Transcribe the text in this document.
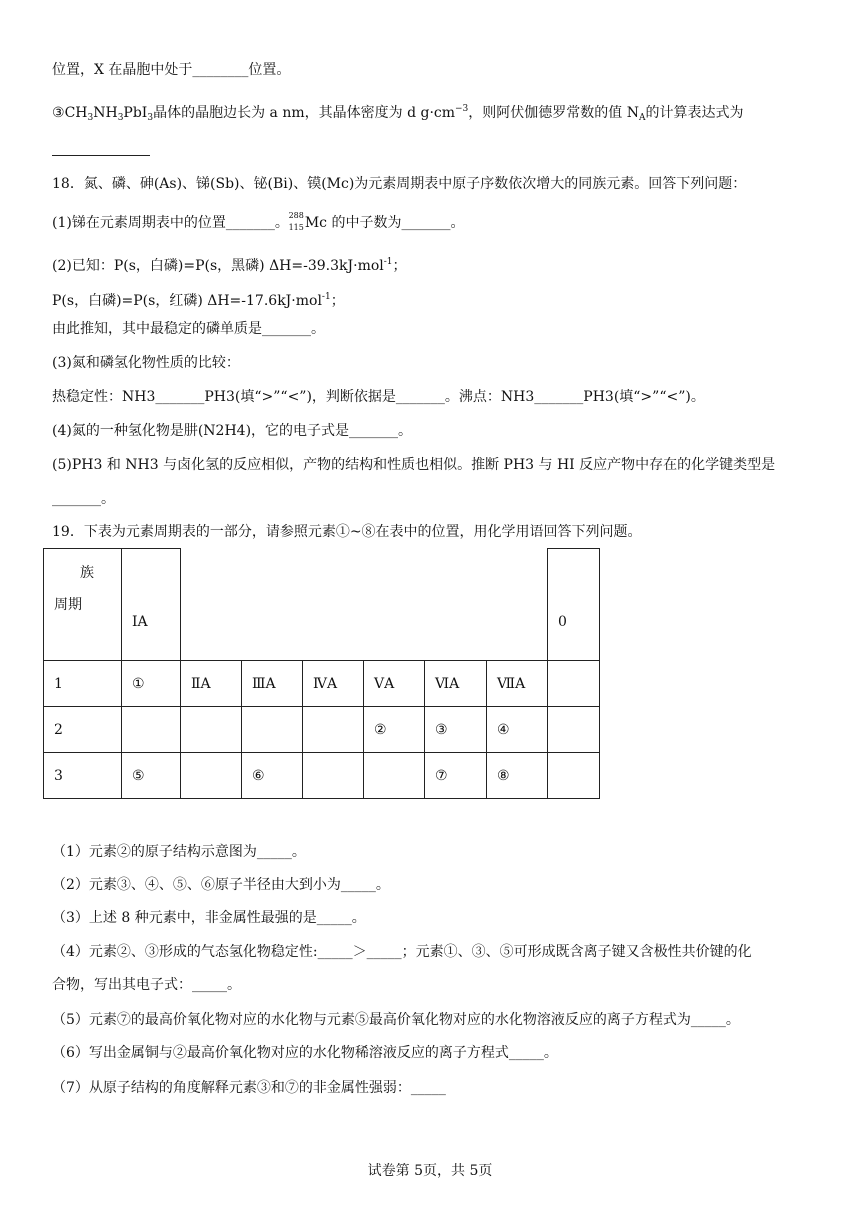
位置，X 在晶胞中处于________位置。
$③CH_3NH_3PbI_3$晶体的晶胞边长为 a nm，其晶体密度为 d $g\cdot cm^{-3}$，则阿伏伽德罗常数的值 $N_A$的计算表达式为
18．氮、磷、砷(As)、锑(Sb)、铋(Bi)、镆(Mc)为元素周期表中原子序数依次增大的同族元素。回答下列问题：
(1)锑在元素周期表中的位置_______。 288
115 Mc 的中子数为_______。
(2)已知：P(s，白磷)=P(s，黑磷) ΔH=-39.3kJ·mol$^{-1}$；
P(s，白磷)=P(s，红磷) ΔH=-17.6kJ·mol$^{-1}$；
由此推知，其中最稳定的磷单质是_______。
(3)氮和磷氢化物性质的比较：
热稳定性：NH3_______PH3(填“>”“<”)，判断依据是_______。沸点：NH3_______PH3(填“>”“<”)。
(4)氮的一种氢化物是肼(N2H4)，它的电子式是_______。
(5)PH3 和 NH3 与卤化氢的反应相似，产物的结构和性质也相似。推断 PH3 与 HI 反应产物中存在的化学键类型是
_______。
19．下表为元素周期表的一部分，请参照元素①~⑧在表中的位置，用化学用语回答下列问题。
族
周期	IA							0
1	①	ⅡA	ⅢA	ⅣA	ⅤA	ⅥA	ⅦA	
2					②	③	④	
3	⑤		⑥			⑦	⑧	
（1）元素②的原子结构示意图为_____。
（2）元素③、④、⑤、⑥原子半径由大到小为_____。
（3）上述 8 种元素中，非金属性最强的是_____。
（4）元素②、③形成的气态氢化物稳定性:_____＞_____；元素①、③、⑤可形成既含离子键又含极性共价键的化
合物，写出其电子式：_____。
（5）元素⑦的最高价氧化物对应的水化物与元素⑤最高价氧化物对应的水化物溶液反应的离子方程式为_____。
（6）写出金属铜与②最高价氧化物对应的水化物稀溶液反应的离子方程式_____。
（7）从原子结构的角度解释元素③和⑦的非金属性强弱：_____
试卷第 5页，共 5页
